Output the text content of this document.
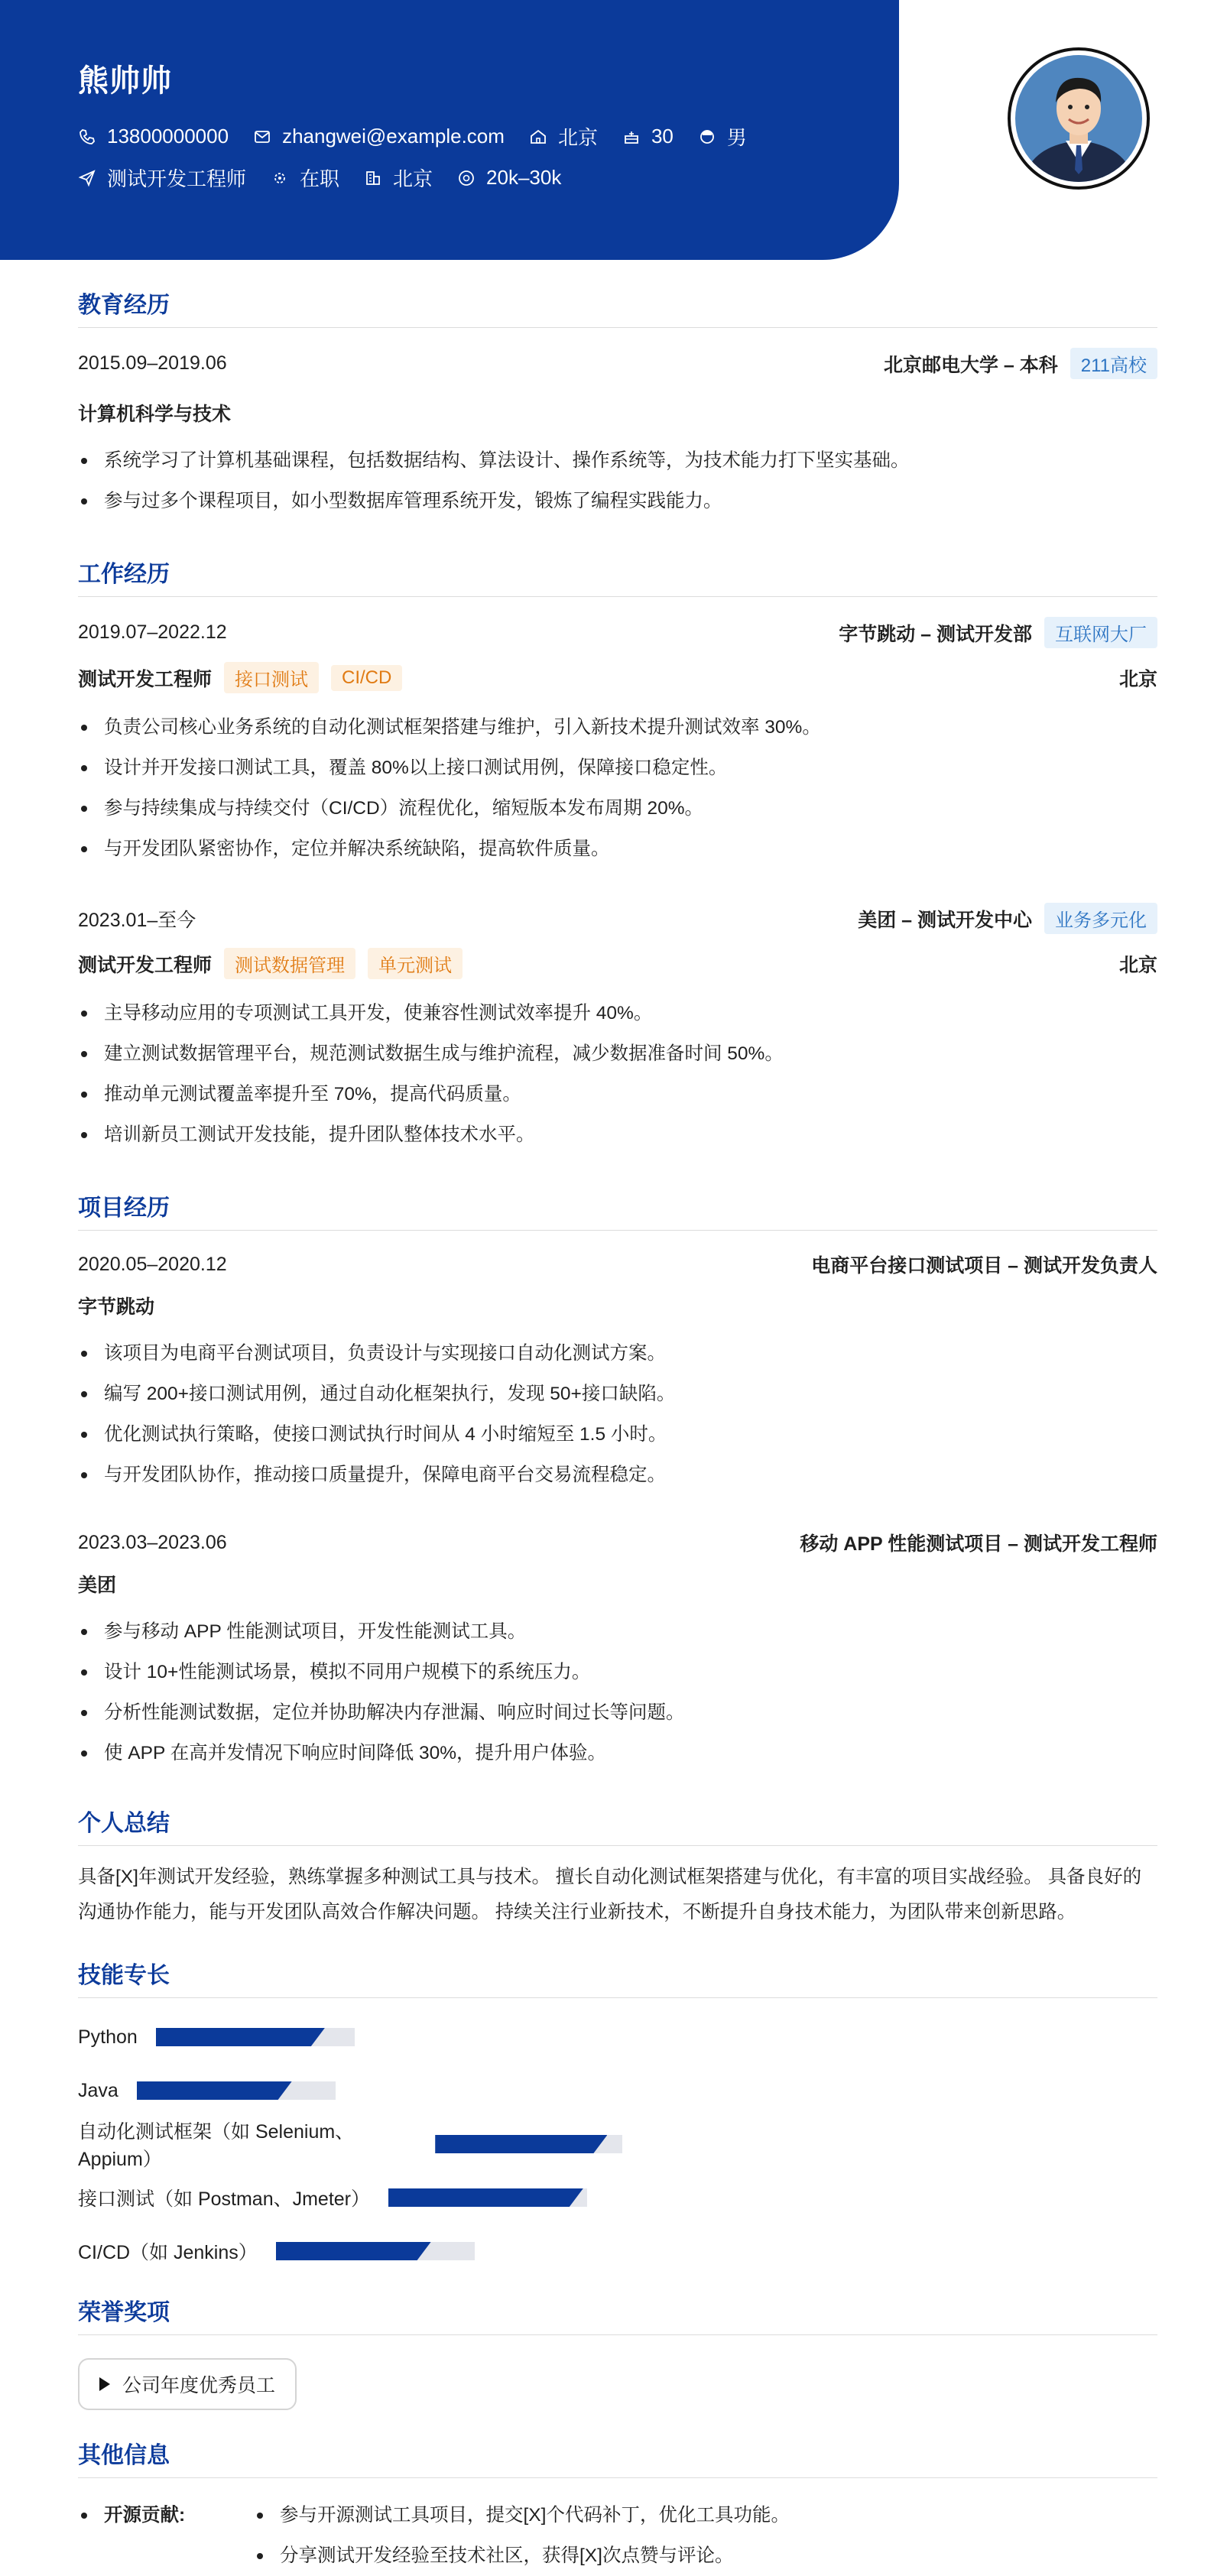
熊帅帅
13800000000	zhangwei@example.com	北京	30	男
测试开发工程师	在职	北京	20k–30k
教育经历
2015.09–2019.06	北京邮电大学 – 本科	211高校
计算机科学与技术
系统学习了计算机基础课程，包括数据结构、算法设计、操作系统等，为技术能力打下坚实基础。
参与过多个课程项目，如小型数据库管理系统开发，锻炼了编程实践能力。
工作经历
2019.07–2022.12	字节跳动 – 测试开发部	互联网大厂
测试开发工程师	接口测试	CI/CD	北京
负责公司核心业务系统的自动化测试框架搭建与维护，引入新技术提升测试效率 30%。
设计并开发接口测试工具，覆盖 80%以上接口测试用例，保障接口稳定性。
参与持续集成与持续交付（CI/CD）流程优化，缩短版本发布周期 20%。
与开发团队紧密协作，定位并解决系统缺陷，提高软件质量。
2023.01–至今	美团 – 测试开发中心	业务多元化
测试开发工程师	测试数据管理	单元测试	北京
主导移动应用的专项测试工具开发，使兼容性测试效率提升 40%。
建立测试数据管理平台，规范测试数据生成与维护流程，减少数据准备时间 50%。
推动单元测试覆盖率提升至 70%，提高代码质量。
培训新员工测试开发技能，提升团队整体技术水平。
项目经历
2020.05–2020.12	电商平台接口测试项目 – 测试开发负责人
字节跳动
该项目为电商平台测试项目，负责设计与实现接口自动化测试方案。
编写 200+接口测试用例，通过自动化框架执行，发现 50+接口缺陷。
优化测试执行策略，使接口测试执行时间从 4 小时缩短至 1.5 小时。
与开发团队协作，推动接口质量提升，保障电商平台交易流程稳定。
2023.03–2023.06	移动 APP 性能测试项目 – 测试开发工程师
美团
参与移动 APP 性能测试项目，开发性能测试工具。
设计 10+性能测试场景，模拟不同用户规模下的系统压力。
分析性能测试数据，定位并协助解决内存泄漏、响应时间过长等问题。
使 APP 在高并发情况下响应时间降低 30%，提升用户体验。
个人总结
具备[X]年测试开发经验，熟练掌握多种测试工具与技术。 擅长自动化测试框架搭建与优化，有丰富的项目实战经验。 具备良好的沟通协作能力，能与开发团队高效合作解决问题。 持续关注行业新技术，不断提升自身技术能力，为团队带来创新思路。
技能专长
Python
Java
自动化测试框架（如 Selenium、Appium）
接口测试（如 Postman、Jmeter）
CI/CD（如 Jenkins）
荣誉奖项
公司年度优秀员工
其他信息
开源贡献:	参与开源测试工具项目，提交[X]个代码补丁，优化工具功能。
分享测试开发经验至技术社区，获得[X]次点赞与评论。
